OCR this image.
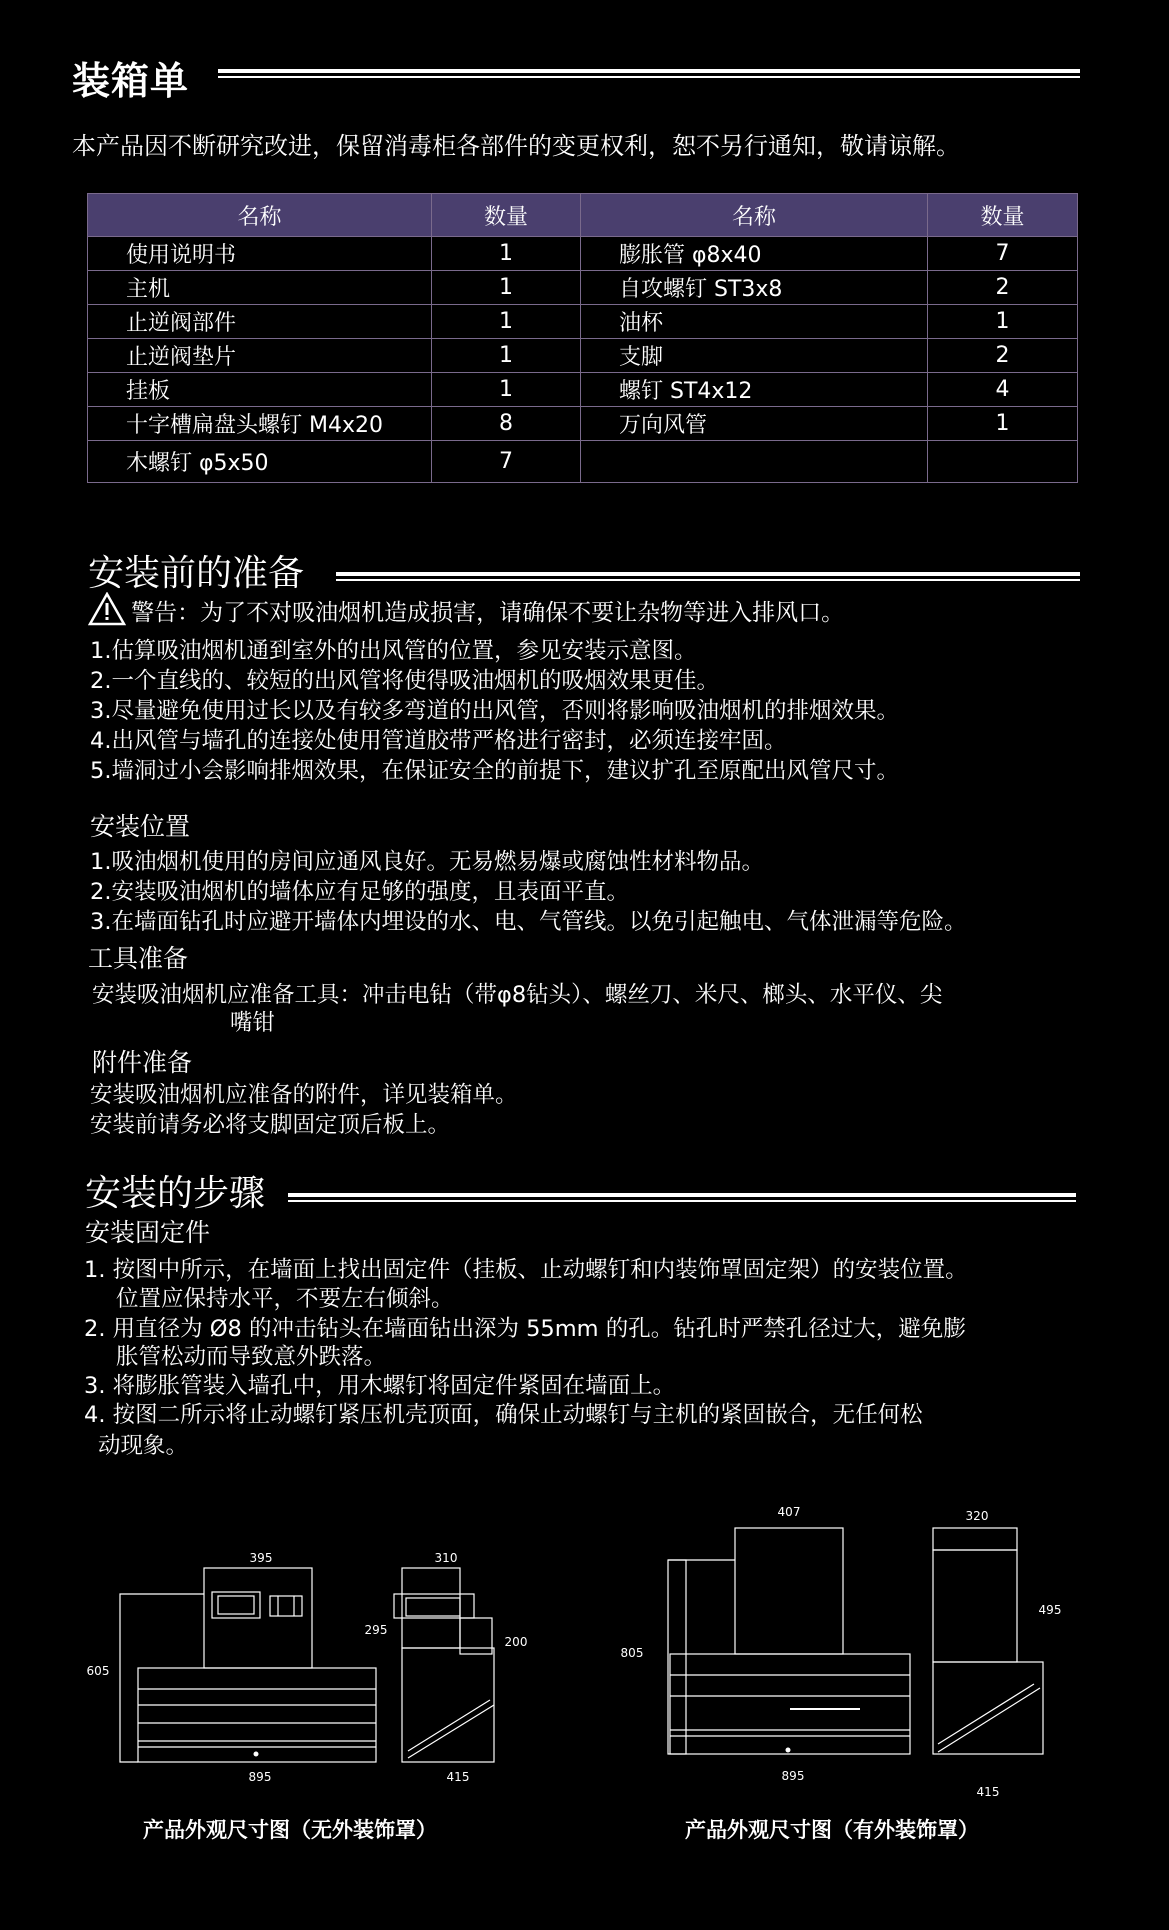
装箱单
本产品因不断研究改进，保留消毒柜各部件的变更权利，恕不另行通知，敬请谅解。
名称	数量	名称	数量
使用说明书	1	膨胀管 φ8x40	7
主机	1	自攻螺钉 ST3x8	2
止逆阀部件	1	油杯	1
止逆阀垫片	1	支脚	2
挂板	1	螺钉 ST4x12	4
十字槽扁盘头螺钉 M4x20	8	万向风管	1
木螺钉 φ5x50	7		
安装前的准备
警告：为了不对吸油烟机造成损害，请确保不要让杂物等进入排风口。
1.估算吸油烟机通到室外的出风管的位置，参见安装示意图。
2.一个直线的、较短的出风管将使得吸油烟机的吸烟效果更佳。
3.尽量避免使用过长以及有较多弯道的出风管，否则将影响吸油烟机的排烟效果。
4.出风管与墙孔的连接处使用管道胶带严格进行密封，必须连接牢固。
5.墙洞过小会影响排烟效果，在保证安全的前提下，建议扩孔至原配出风管尺寸。
安装位置
1.吸油烟机使用的房间应通风良好。无易燃易爆或腐蚀性材料物品。
2.安装吸油烟机的墙体应有足够的强度，且表面平直。
3.在墙面钻孔时应避开墙体内埋设的水、电、气管线。以免引起触电、气体泄漏等危险。
工具准备
安装吸油烟机应准备工具：冲击电钻（带φ8钻头）、螺丝刀、米尺、榔头、水平仪、尖
嘴钳
附件准备
安装吸油烟机应准备的附件，详见装箱单。
安装前请务必将支脚固定顶后板上。
安装的步骤
安装固定件
1. 按图中所示，在墙面上找出固定件（挂板、止动螺钉和内装饰罩固定架）的安装位置。
位置应保持水平，不要左右倾斜。
2. 用直径为 Ø8 的冲击钻头在墙面钻出深为 55mm 的孔。钻孔时严禁孔径过大，避免膨
胀管松动而导致意外跌落。
3. 将膨胀管装入墙孔中，用木螺钉将固定件紧固在墙面上。
4. 按图二所示将止动螺钉紧压机壳顶面，确保止动螺钉与主机的紧固嵌合，无任何松
动现象。
395
605
895
310
295
200
415
产品外观尺寸图（无外装饰罩）
407
805
895
320
495
415
产品外观尺寸图（有外装饰罩）
